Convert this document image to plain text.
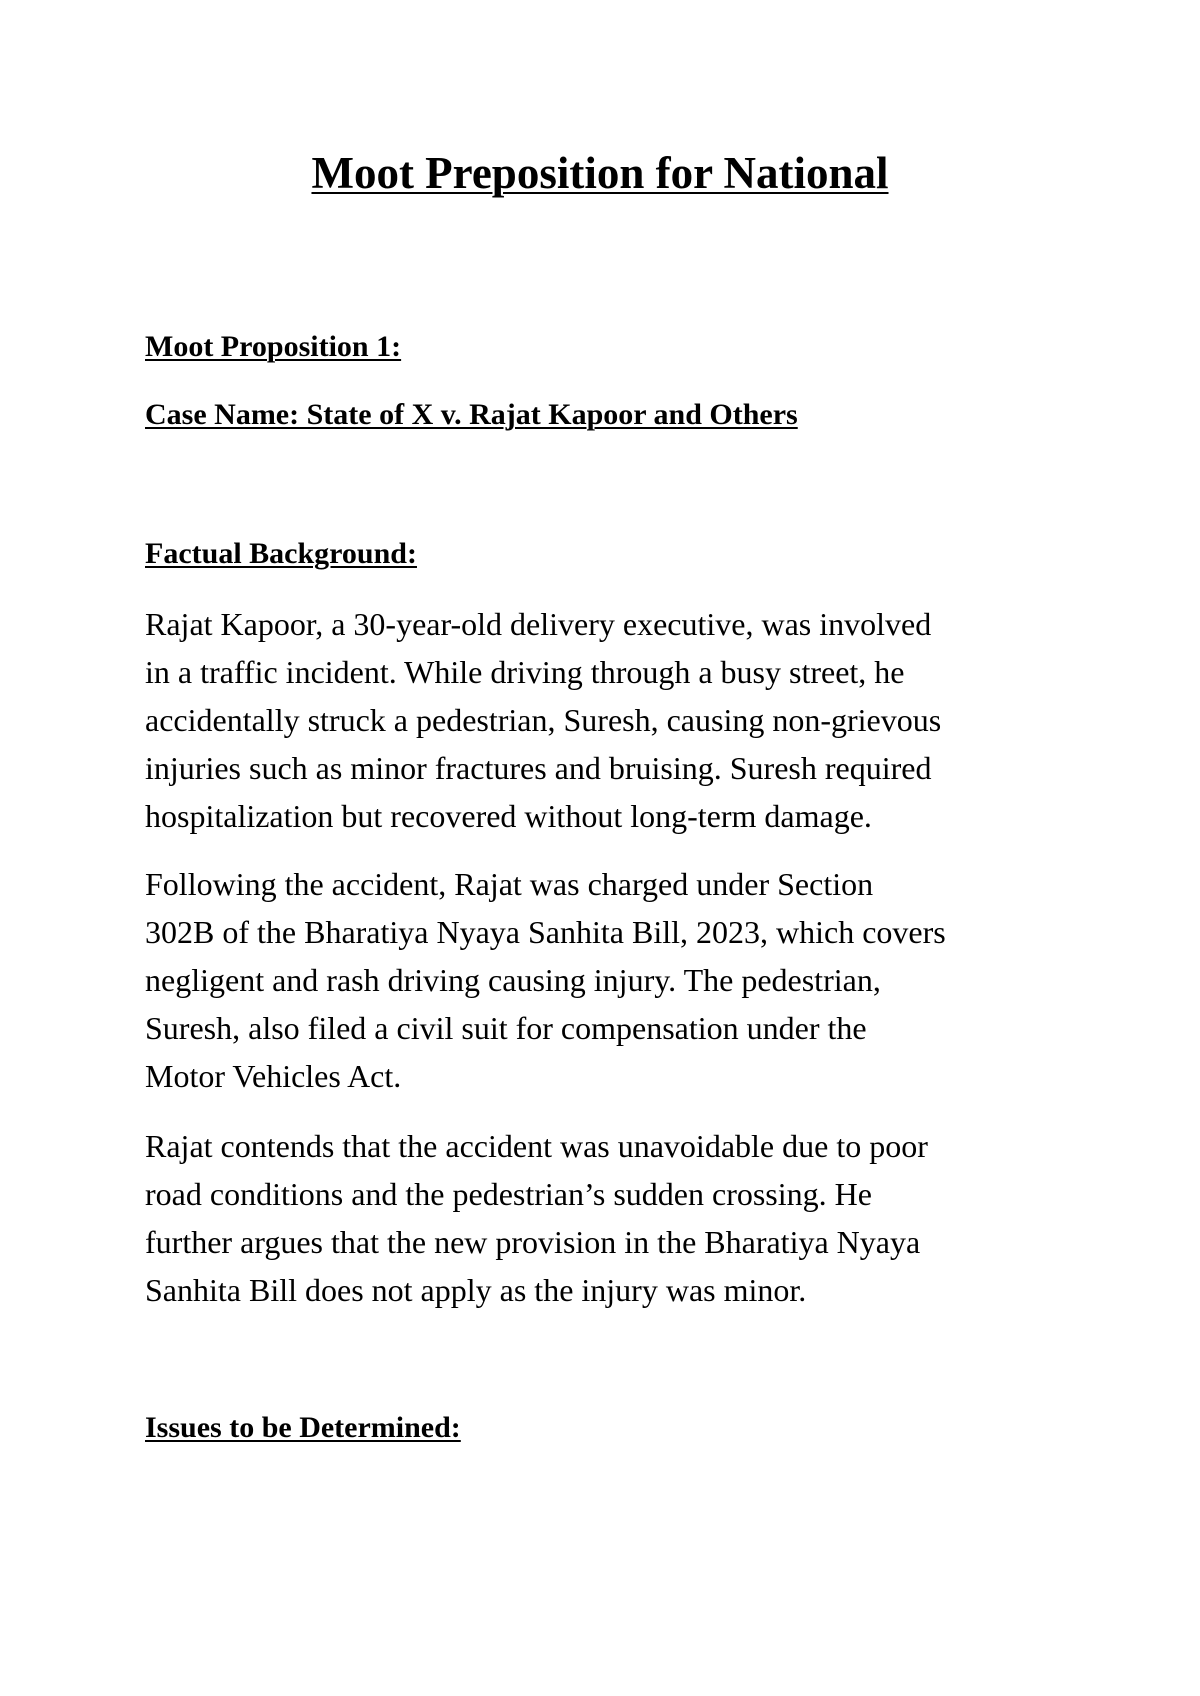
Moot Preposition for National
Moot Proposition 1:
Case Name: State of X v. Rajat Kapoor and Others
Factual Background:
Rajat Kapoor, a 30-year-old delivery executive, was involved
in a traffic incident. While driving through a busy street, he
accidentally struck a pedestrian, Suresh, causing non-grievous
injuries such as minor fractures and bruising. Suresh required
hospitalization but recovered without long-term damage.
Following the accident, Rajat was charged under Section
302B of the Bharatiya Nyaya Sanhita Bill, 2023, which covers
negligent and rash driving causing injury. The pedestrian,
Suresh, also filed a civil suit for compensation under the
Motor Vehicles Act.
Rajat contends that the accident was unavoidable due to poor
road conditions and the pedestrian’s sudden crossing. He
further argues that the new provision in the Bharatiya Nyaya
Sanhita Bill does not apply as the injury was minor.
Issues to be Determined:
